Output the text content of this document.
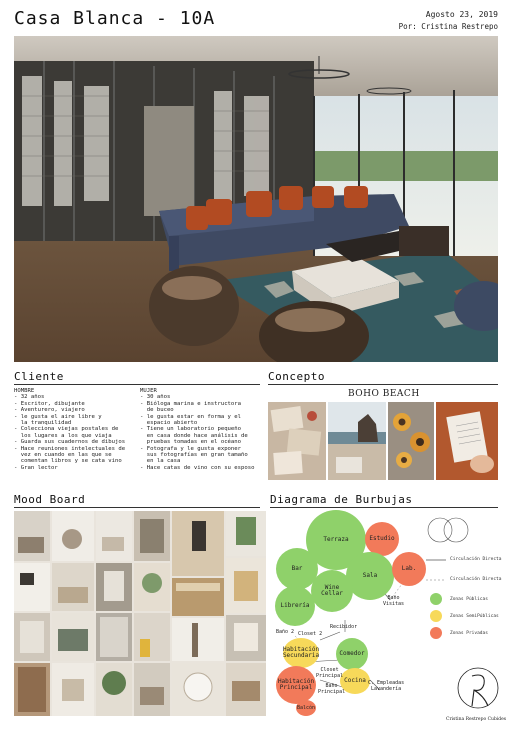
Casa Blanca - 10A	Agosto 23, 2019
Por: Cristina Restrepo
Cliente
HOMBRE
- 32 años
- Escritor, dibujante
- Aventurero, viajero
- le gusta el aire libre y
la tranquilidad
- Colecciona viejas postales de
los lugares a los que viaja
- Guarda sus cuadernos de dibujos
- Hace reuniones intelectuales de
vez en cuando en las que se
comentan libros y se cata vino
- Gran lector
MUJER
- 30 años
- Bióloga marina e instructora
de buceo
- le gusta estar en forma y el
espacio abierto
- Tiene un laboratorio pequeño
en casa donde hace análisis de
pruebas tomadas en el océano
- Fotografa y le gusta exponer
sus fotografías en gran tamaño
en la casa
- Hace catas de vino con su esposo
Concepto
BOHO BEACH
Mood Board	Diagrama de Burbujas
Terraza	Estudio
Bar
Sala
Lab.
Wine
Cellar
Librería
Comedor
Habitación
Secundaria
Cocina
Habitación
Principal
Baño
Visitas
Recibidor
Baño 2 Closet 2
Closet
Principal
Baño
Principal
C. Empleadas
Lavandería
Balcón
Circulación Directa
Circulación Directa
Zonas Públicas
Zonas SemiPúblicas
Zonas Privadas
Cristina Restrepo Cubides
